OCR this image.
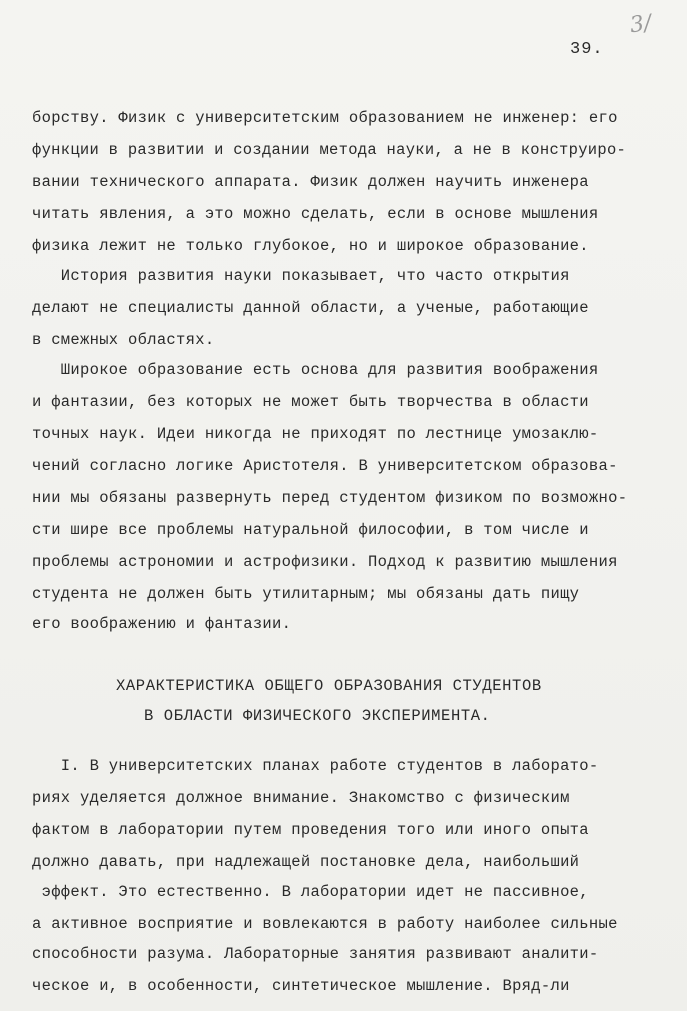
3/
39.
борству. Физик с университетским образованием не инженер: его
функции в развитии и создании метода науки, а не в конструиро-
вании технического аппарата. Физик должен научить инженера
читать явления, а это можно сделать, если в основе мышления
физика лежит не только глубокое, но и широкое образование.
История развития науки показывает, что часто открытия
делают не специалисты данной области, а ученые, работающие
в смежных областях.
Широкое образование есть основа для развития воображения
и фантазии, без которых не может быть творчества в области
точных наук. Идеи никогда не приходят по лестнице умозаклю-
чений согласно логике Аристотеля. В университетском образова-
нии мы обязаны развернуть перед студентом физиком по возможно-
сти шире все проблемы натуральной философии, в том числе и
проблемы астрономии и астрофизики. Подход к развитию мышления
студента не должен быть утилитарным; мы обязаны дать пищу
его воображению и фантазии.
ХАРАКТЕРИСТИКА ОБЩЕГО ОБРАЗОВАНИЯ СТУДЕНТОВ
В ОБЛАСТИ ФИЗИЧЕСКОГО ЭКСПЕРИМЕНТА.
I. В университетских планах работе студентов в лаборато-
риях уделяется должное внимание. Знакомство с физическим
фактом в лаборатории путем проведения того или иного опыта
должно давать, при надлежащей постановке дела, наибольший
эффект. Это естественно. В лаборатории идет не пассивное,
а активное восприятие и вовлекаются в работу наиболее сильные
способности разума. Лабораторные занятия развивают аналити-
ческое и, в особенности, синтетическое мышление. Вряд-ли
